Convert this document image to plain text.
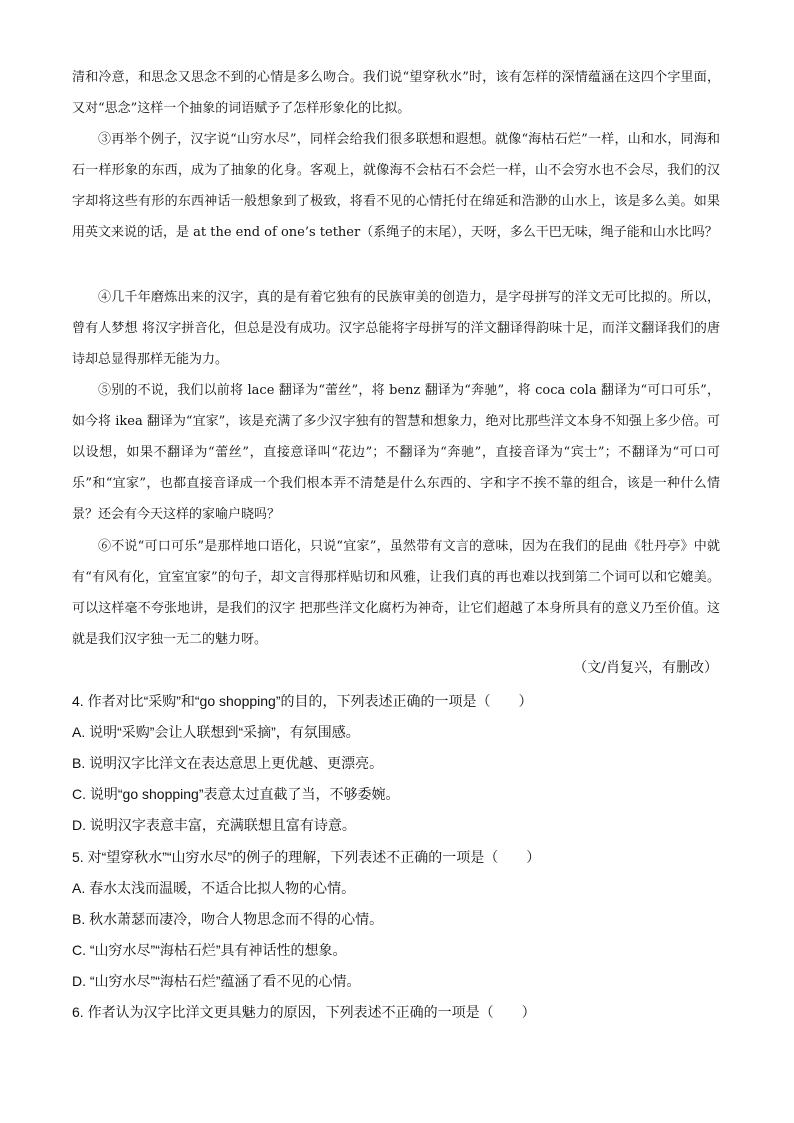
清和冷意，和思念又思念不到的心情是多么吻合。我们说“望穿秋水”时，该有怎样的深情蕴涵在这四个字里面，又对“思念”这样一个抽象的词语赋予了怎样形象化的比拟。
③再举个例子，汉字说“山穷水尽”，同样会给我们很多联想和遐想。就像“海枯石烂”一样，山和水，同海和石一样形象的东西，成为了抽象的化身。客观上，就像海不会枯石不会烂一样，山不会穷水也不会尽，我们的汉字却将这些有形的东西神话一般想象到了极致，将看不见的心情托付在绵延和浩渺的山水上，该是多么美。如果用英文来说的话，是 at the end of one’s tether（系绳子的末尾），天呀，多么干巴无味，绳子能和山水比吗？
④几千年磨炼出来的汉字，真的是有着它独有的民族审美的创造力，是字母拼写的洋文无可比拟的。所以，曾有人梦想 将汉字拼音化，但总是没有成功。汉字总能将字母拼写的洋文翻译得韵味十足，而洋文翻译我们的唐诗却总显得那样无能为力。
⑤别的不说，我们以前将 lace 翻译为“蕾丝”，将 benz 翻译为“奔驰”，将 coca cola 翻译为“可口可乐”，如今将 ikea 翻译为“宜家”，该是充满了多少汉字独有的智慧和想象力，绝对比那些洋文本身不知强上多少倍。可以设想，如果不翻译为“蕾丝”，直接意译叫“花边”；不翻译为“奔驰”，直接音译为“宾士”；不翻译为“可口可乐”和“宜家”，也都直接音译成一个我们根本弄不清楚是什么东西的、字和字不挨不靠的组合，该是一种什么情景？还会有今天这样的家喻户晓吗？
⑥不说“可口可乐”是那样地口语化，只说“宜家”，虽然带有文言的意味，因为在我们的昆曲《牡丹亭》中就有“有风有化，宜室宜家”的句子，却文言得那样贴切和风雅，让我们真的再也难以找到第二个词可以和它媲美。可以这样毫不夸张地讲，是我们的汉字 把那些洋文化腐朽为神奇，让它们超越了本身所具有的意义乃至价值。这就是我们汉字独一无二的魅力呀。
（文/肖复兴，有删改）
4. 作者对比“采购”和“go shopping”的目的，下列表述正确的一项是（　　）
A. 说明“采购”会让人联想到“采摘”，有氛围感。
B. 说明汉字比洋文在表达意思上更优越、更漂亮。
C. 说明“go shopping”表意太过直截了当，不够委婉。
D. 说明汉字表意丰富，充满联想且富有诗意。
5. 对“望穿秋水”“山穷水尽”的例子的理解，下列表述不正确的一项是（　　）
A. 春水太浅而温暖，不适合比拟人物的心情。
B. 秋水萧瑟而凄冷，吻合人物思念而不得的心情。
C. “山穷水尽”“海枯石烂”具有神话性的想象。
D. “山穷水尽”“海枯石烂”蕴涵了看不见的心情。
6. 作者认为汉字比洋文更具魅力的原因，下列表述不正确的一项是（　　）
